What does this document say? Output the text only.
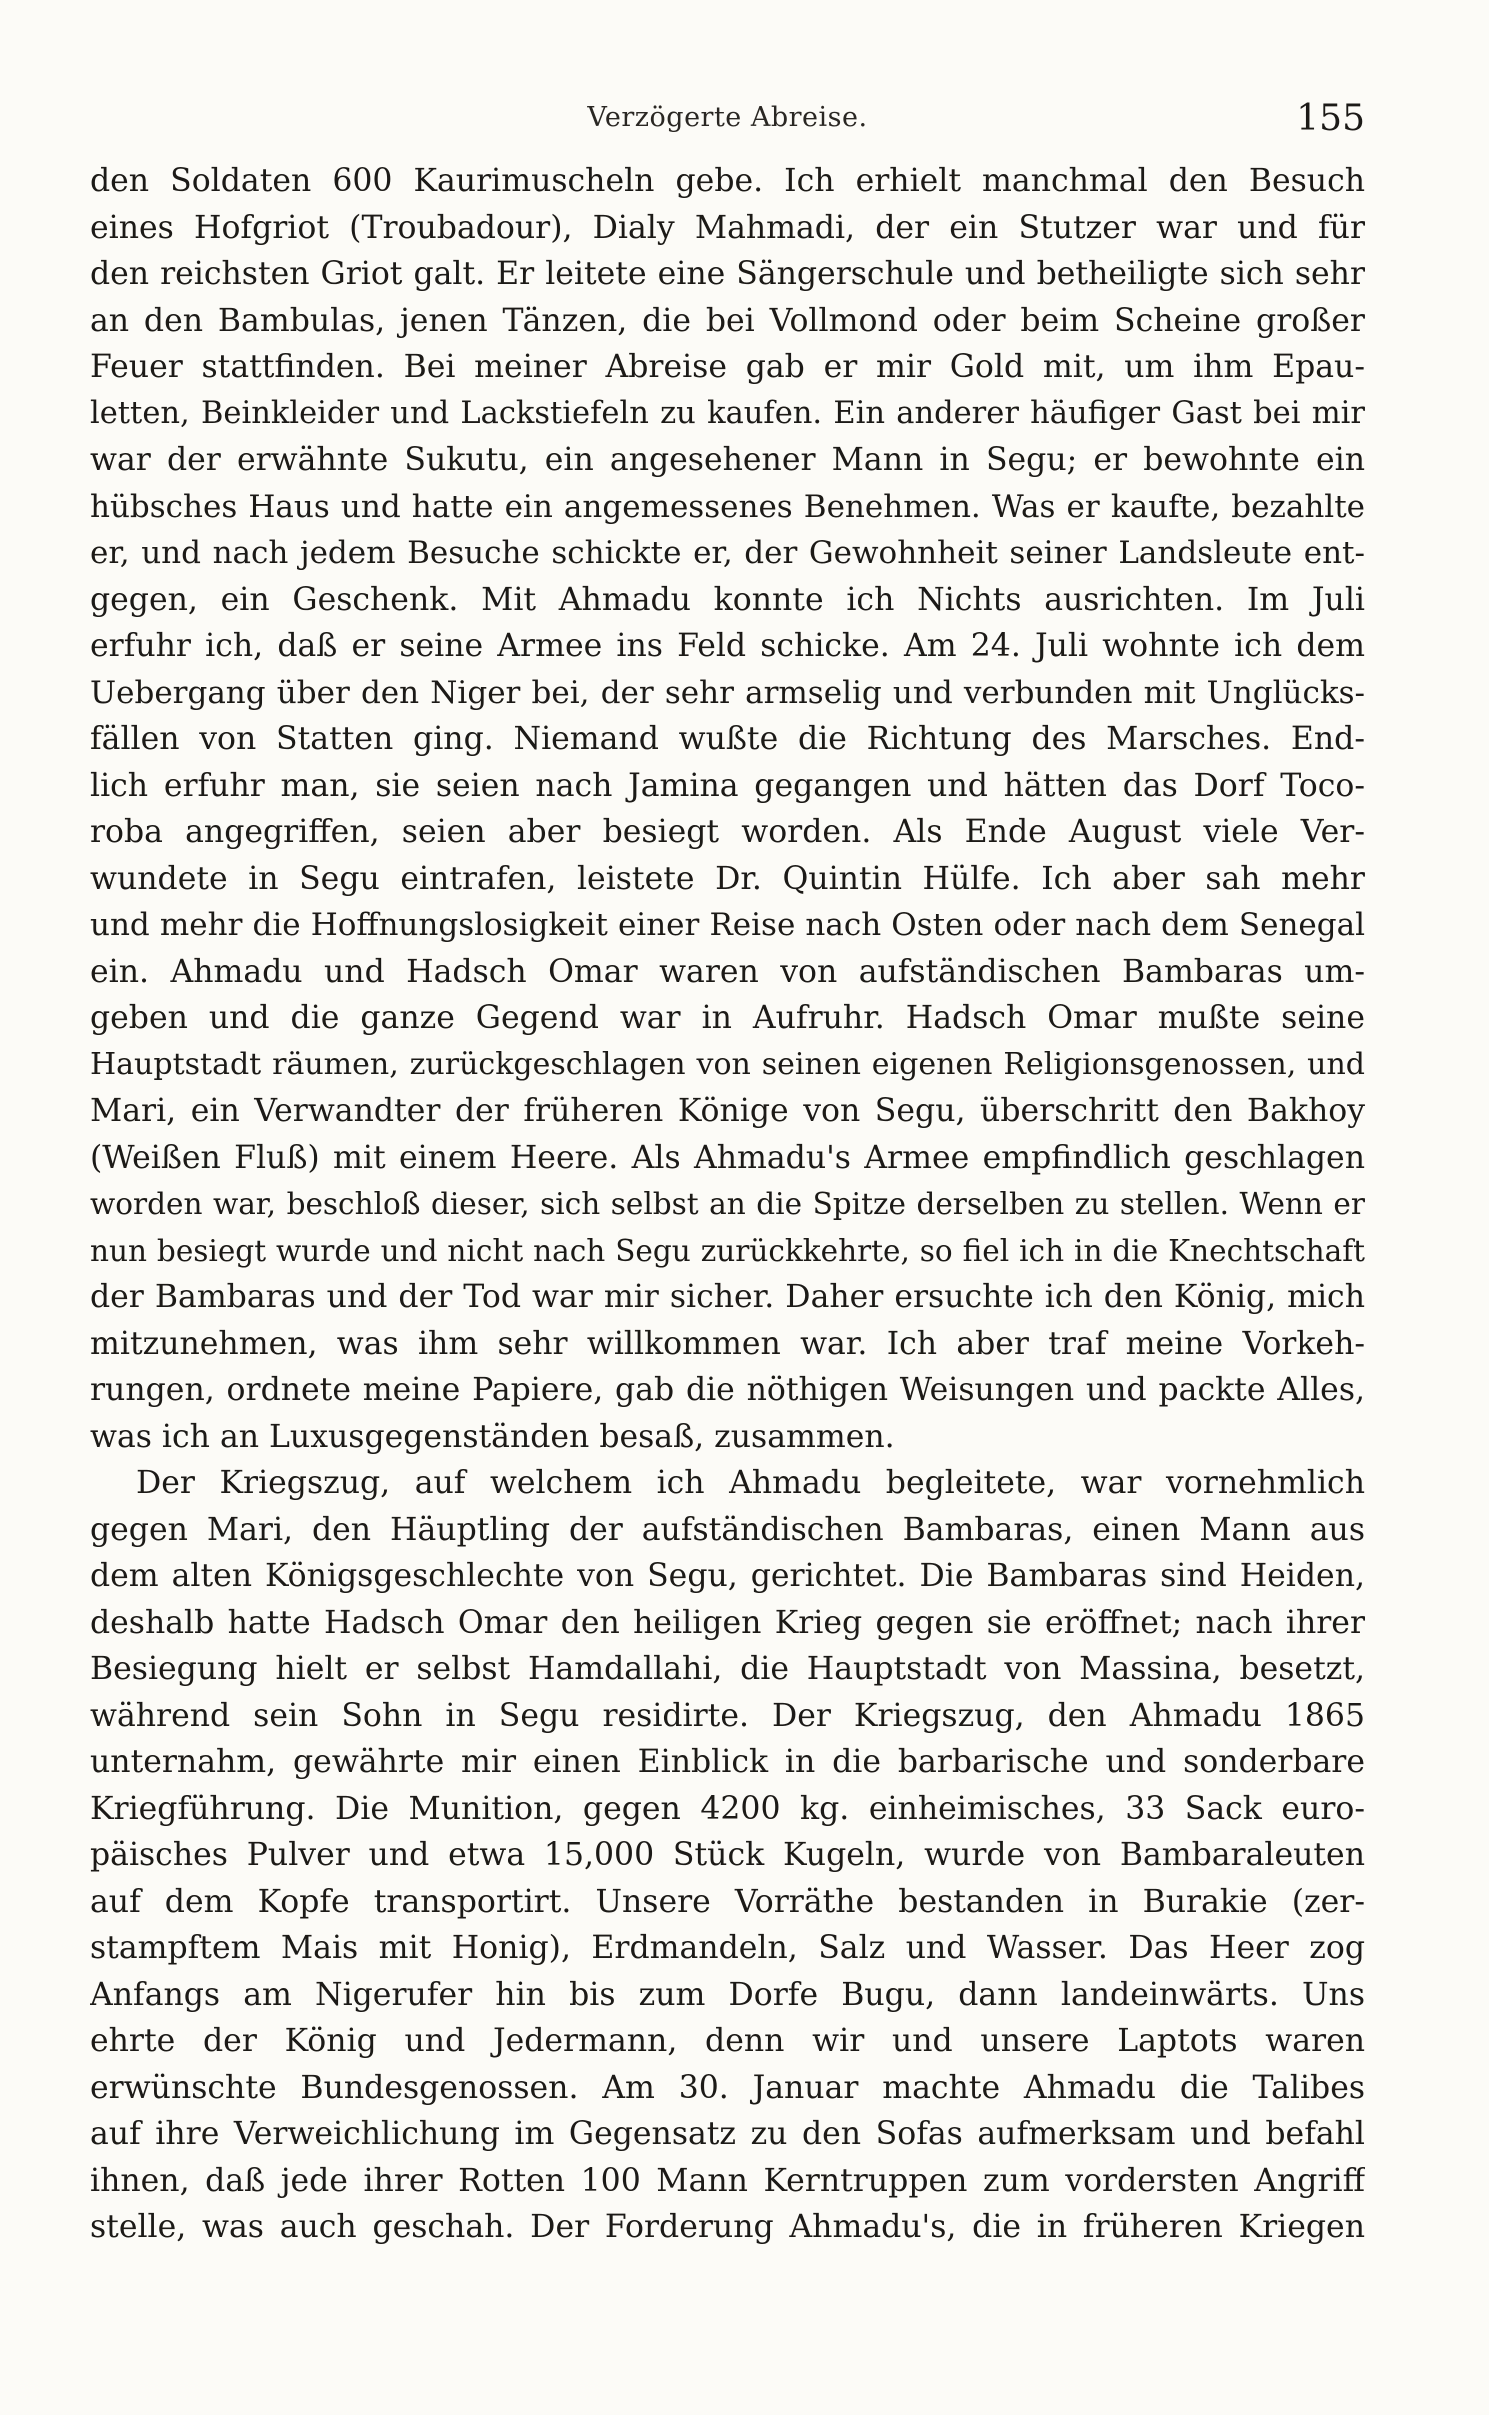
Verzögerte Abreise.	155
den Soldaten 600 Kaurimuscheln gebe. Ich erhielt manchmal den Besuch
eines Hofgriot (Troubadour), Dialy Mahmadi, der ein Stutzer war und für
den reichsten Griot galt. Er leitete eine Sängerschule und betheiligte sich sehr
an den Bambulas, jenen Tänzen, die bei Vollmond oder beim Scheine großer
Feuer stattfinden. Bei meiner Abreise gab er mir Gold mit, um ihm Epau-
letten, Beinkleider und Lackstiefeln zu kaufen. Ein anderer häufiger Gast bei mir
war der erwähnte Sukutu, ein angesehener Mann in Segu; er bewohnte ein
hübsches Haus und hatte ein angemessenes Benehmen. Was er kaufte, bezahlte
er, und nach jedem Besuche schickte er, der Gewohnheit seiner Landsleute ent-
gegen, ein Geschenk. Mit Ahmadu konnte ich Nichts ausrichten. Im Juli
erfuhr ich, daß er seine Armee ins Feld schicke. Am 24. Juli wohnte ich dem
Uebergang über den Niger bei, der sehr armselig und verbunden mit Unglücks-
fällen von Statten ging. Niemand wußte die Richtung des Marsches. End-
lich erfuhr man, sie seien nach Jamina gegangen und hätten das Dorf Toco-
roba angegriffen, seien aber besiegt worden. Als Ende August viele Ver-
wundete in Segu eintrafen, leistete Dr. Quintin Hülfe. Ich aber sah mehr
und mehr die Hoffnungslosigkeit einer Reise nach Osten oder nach dem Senegal
ein. Ahmadu und Hadsch Omar waren von aufständischen Bambaras um-
geben und die ganze Gegend war in Aufruhr. Hadsch Omar mußte seine
Hauptstadt räumen, zurückgeschlagen von seinen eigenen Religionsgenossen, und
Mari, ein Verwandter der früheren Könige von Segu, überschritt den Bakhoy
(Weißen Fluß) mit einem Heere. Als Ahmadu's Armee empfindlich geschlagen
worden war, beschloß dieser, sich selbst an die Spitze derselben zu stellen. Wenn er
nun besiegt wurde und nicht nach Segu zurückkehrte, so fiel ich in die Knechtschaft
der Bambaras und der Tod war mir sicher. Daher ersuchte ich den König, mich
mitzunehmen, was ihm sehr willkommen war. Ich aber traf meine Vorkeh-
rungen, ordnete meine Papiere, gab die nöthigen Weisungen und packte Alles,
was ich an Luxusgegenständen besaß, zusammen.
Der Kriegszug, auf welchem ich Ahmadu begleitete, war vornehmlich
gegen Mari, den Häuptling der aufständischen Bambaras, einen Mann aus
dem alten Königsgeschlechte von Segu, gerichtet. Die Bambaras sind Heiden,
deshalb hatte Hadsch Omar den heiligen Krieg gegen sie eröffnet; nach ihrer
Besiegung hielt er selbst Hamdallahi, die Hauptstadt von Massina, besetzt,
während sein Sohn in Segu residirte. Der Kriegszug, den Ahmadu 1865
unternahm, gewährte mir einen Einblick in die barbarische und sonderbare
Kriegführung. Die Munition, gegen 4200 kg. einheimisches, 33 Sack euro-
päisches Pulver und etwa 15,000 Stück Kugeln, wurde von Bambaraleuten
auf dem Kopfe transportirt. Unsere Vorräthe bestanden in Burakie (zer-
stampftem Mais mit Honig), Erdmandeln, Salz und Wasser. Das Heer zog
Anfangs am Nigerufer hin bis zum Dorfe Bugu, dann landeinwärts. Uns
ehrte der König und Jedermann, denn wir und unsere Laptots waren
erwünschte Bundesgenossen. Am 30. Januar machte Ahmadu die Talibes
auf ihre Verweichlichung im Gegensatz zu den Sofas aufmerksam und befahl
ihnen, daß jede ihrer Rotten 100 Mann Kerntruppen zum vordersten Angriff
stelle, was auch geschah. Der Forderung Ahmadu's, die in früheren Kriegen
